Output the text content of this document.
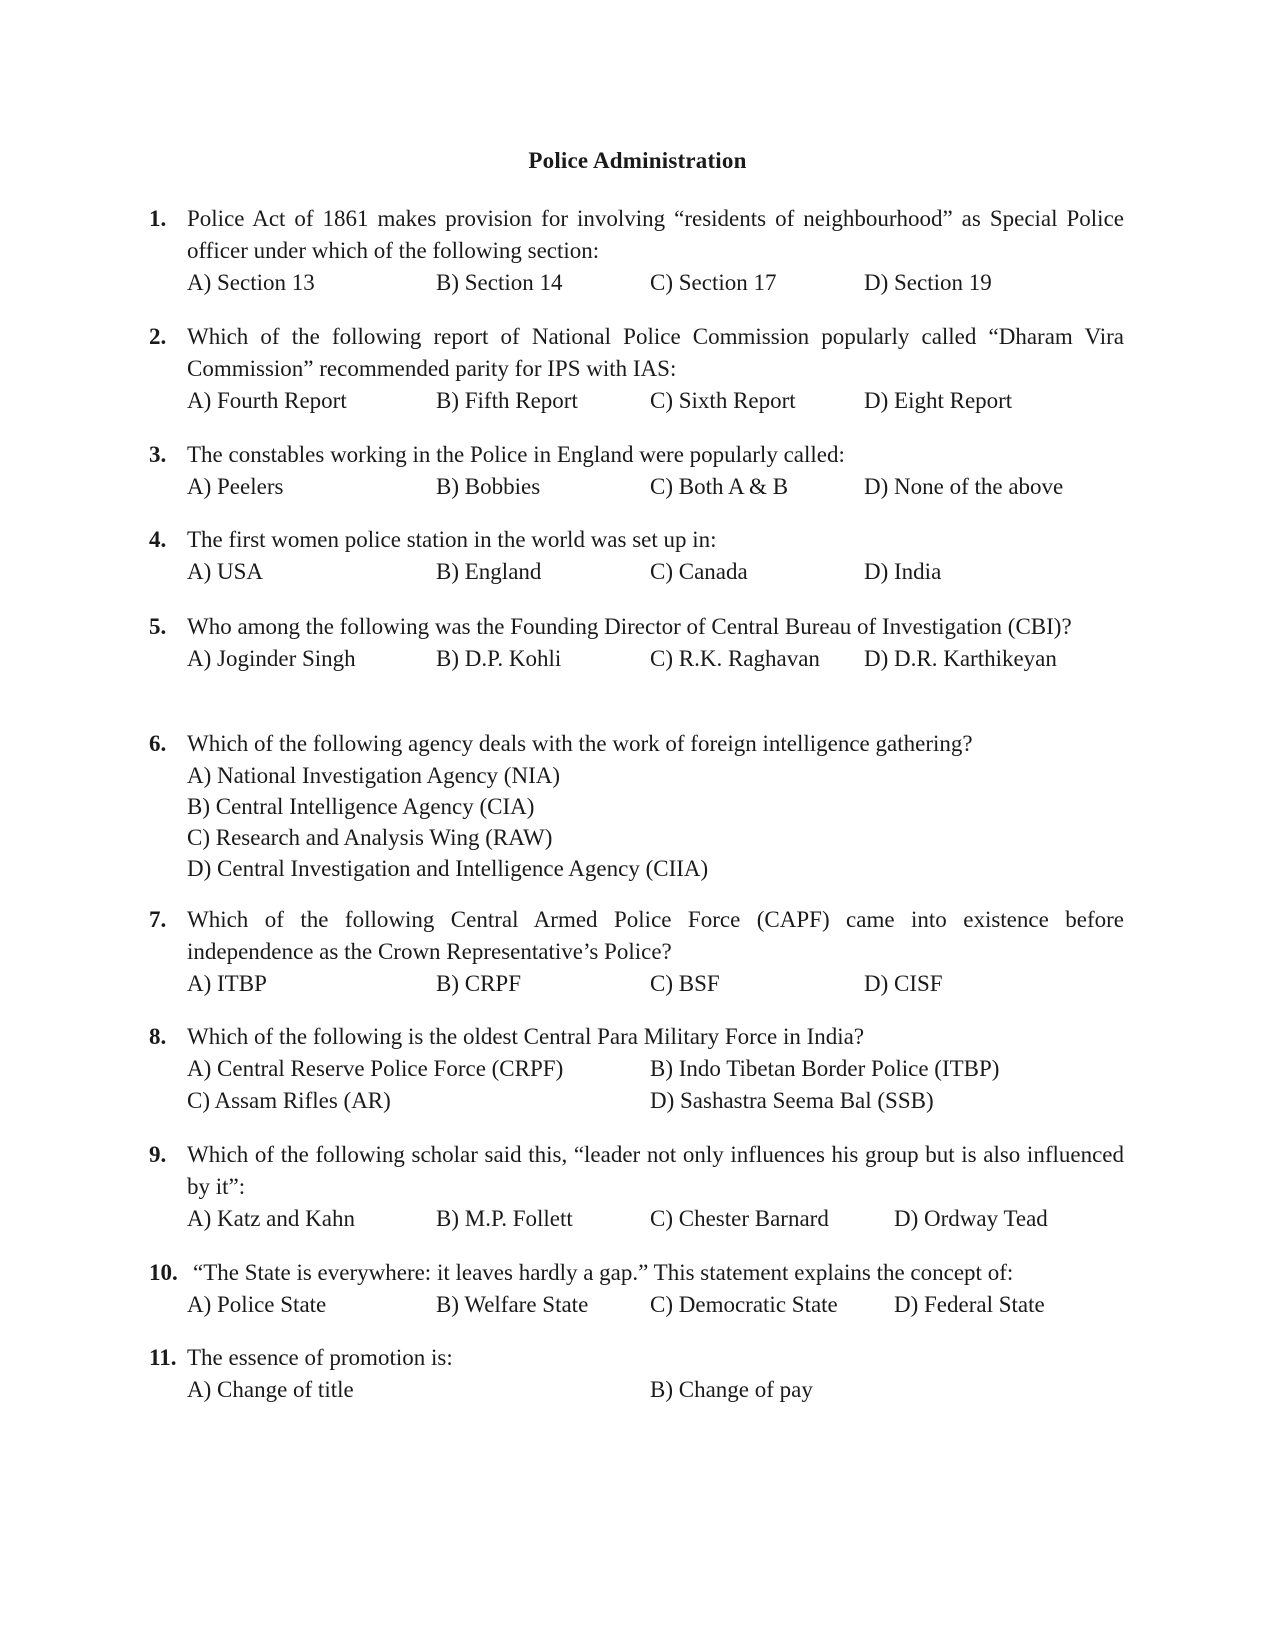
Police Administration
1. Police Act of 1861 makes provision for involving “residents of neighbourhood” as Special Police officer under which of the following section:
A) Section 13	B) Section 14	C) Section 17	D) Section 19
2. Which of the following report of National Police Commission popularly called “Dharam Vira Commission” recommended parity for IPS with IAS:
A) Fourth Report	B) Fifth Report	C) Sixth Report	D) Eight Report
3. The constables working in the Police in England were popularly called:
A) Peelers	B) Bobbies	C) Both A & B	D) None of the above
4. The first women police station in the world was set up in:
A) USA	B) England	C) Canada	D) India
5. Who among the following was the Founding Director of Central Bureau of Investigation (CBI)?
A) Joginder Singh	B) D.P. Kohli	C) R.K. Raghavan D) D.R. Karthikeyan
6. Which of the following agency deals with the work of foreign intelligence gathering?
A) National Investigation Agency (NIA)
B) Central Intelligence Agency (CIA)
C) Research and Analysis Wing (RAW)
D) Central Investigation and Intelligence Agency (CIIA)
7. Which of the following Central Armed Police Force (CAPF) came into existence before independence as the Crown Representative’s Police?
A) ITBP	B) CRPF	C) BSF	D) CISF
8. Which of the following is the oldest Central Para Military Force in India?
A) Central Reserve Police Force (CRPF)	B) Indo Tibetan Border Police (ITBP)
C) Assam Rifles (AR)	D) Sashastra Seema Bal (SSB)
9. Which of the following scholar said this, “leader not only influences his group but is also influenced by it”:
A) Katz and Kahn	B) M.P. Follett	C) Chester Barnard	D) Ordway Tead
10. “The State is everywhere: it leaves hardly a gap.” This statement explains the concept of:
A) Police State	B) Welfare State	C) Democratic State D) Federal State
11. The essence of promotion is:
A) Change of title	B) Change of pay
